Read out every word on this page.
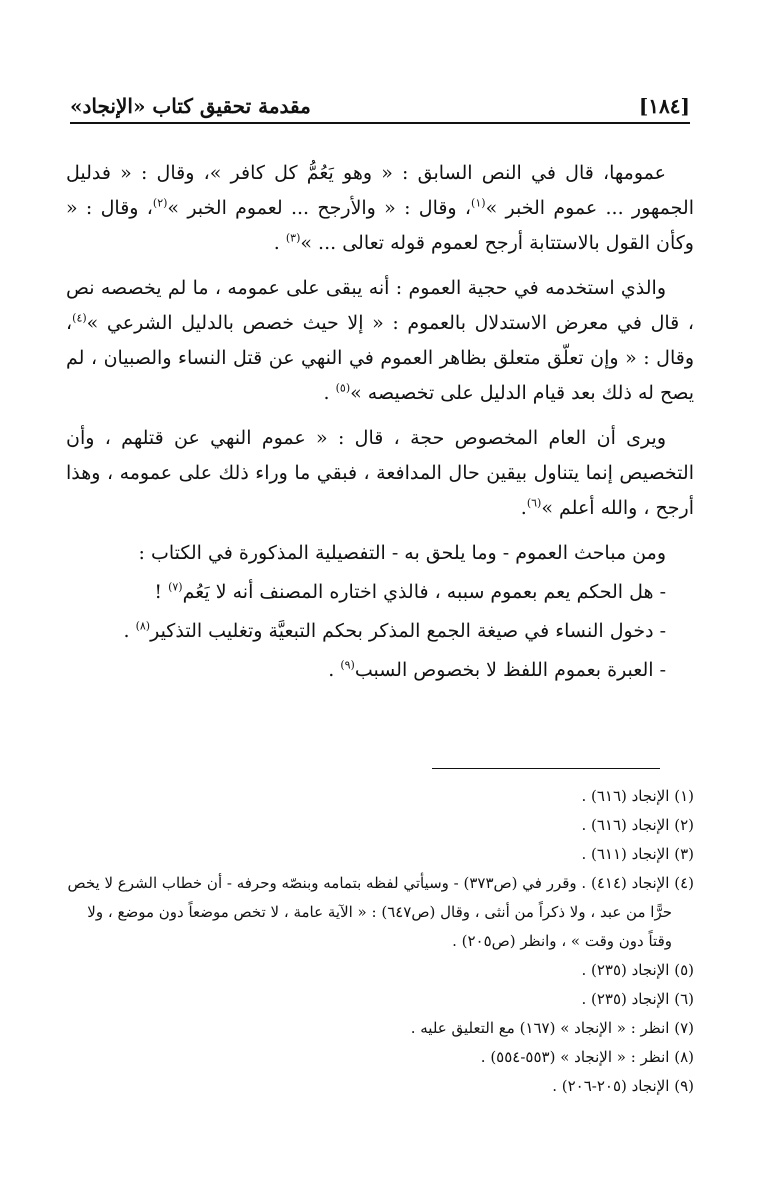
[١٨٤]
مقدمة تحقيق كتاب «الإنجاد»

عمومها، قال في النص السابق : « وهو يَعُمُّ كل كافر »، وقال : « فدليل الجمهور ... عموم الخبر »$^{(١)}$، وقال : « والأرجح ... لعموم الخبر »$^{(٢)}$، وقال : « وكأن القول بالاستتابة أرجح لعموم قوله تعالى ... »$^{(٣)}$ .

والذي استخدمه في حجية العموم : أنه يبقى على عمومه ، ما لم يخصصه نص ، قال في معرض الاستدلال بالعموم : « إلا حيث خصص بالدليل الشرعي »$^{(٤)}$، وقال : « وإن تعلّق متعلق بظاهر العموم في النهي عن قتل النساء والصبيان ، لم يصح له ذلك بعد قيام الدليل على تخصيصه »$^{(٥)}$ .

ويرى أن العام المخصوص حجة ، قال : « عموم النهي عن قتلهم ، وأن التخصيص إنما يتناول بيقين حال المدافعة ، فبقي ما وراء ذلك على عمومه ، وهذا أرجح ، والله أعلم »$^{(٦)}$.

ومن مباحث العموم - وما يلحق به - التفصيلية المذكورة في الكتاب :
- هل الحكم يعم بعموم سببه ، فالذي اختاره المصنف أنه لا يَعُم$^{(٧)}$ !
- دخول النساء في صيغة الجمع المذكر بحكم التبعيَّة وتغليب التذكير$^{(٨)}$ .
- العبرة بعموم اللفظ لا بخصوص السبب$^{(٩)}$ .

(١) الإنجاد (٦١٦) .

(٢) الإنجاد (٦١٦) .

(٣) الإنجاد (٦١١) .

(٤) الإنجاد (٤١٤) . وقرر في (ص٣٧٣) - وسيأتي لفظه بتمامه وبنصّه وحرفه - أن خطاب الشرع لا يخص

حرًّا من عبد ، ولا ذكراً من أنثى ، وقال (ص٦٤٧) : « الآية عامة ، لا تخص موضعاً دون موضع ، ولا

وقتاً دون وقت » ، وانظر (ص٢٠٥) .

(٥) الإنجاد (٢٣٥) .

(٦) الإنجاد (٢٣٥) .

(٧) انظر : « الإنجاد » (١٦٧) مع التعليق عليه .

(٨) انظر : « الإنجاد » (٥٥٣-٥٥٤) .

(٩) الإنجاد (٢٠٥-٢٠٦) .
